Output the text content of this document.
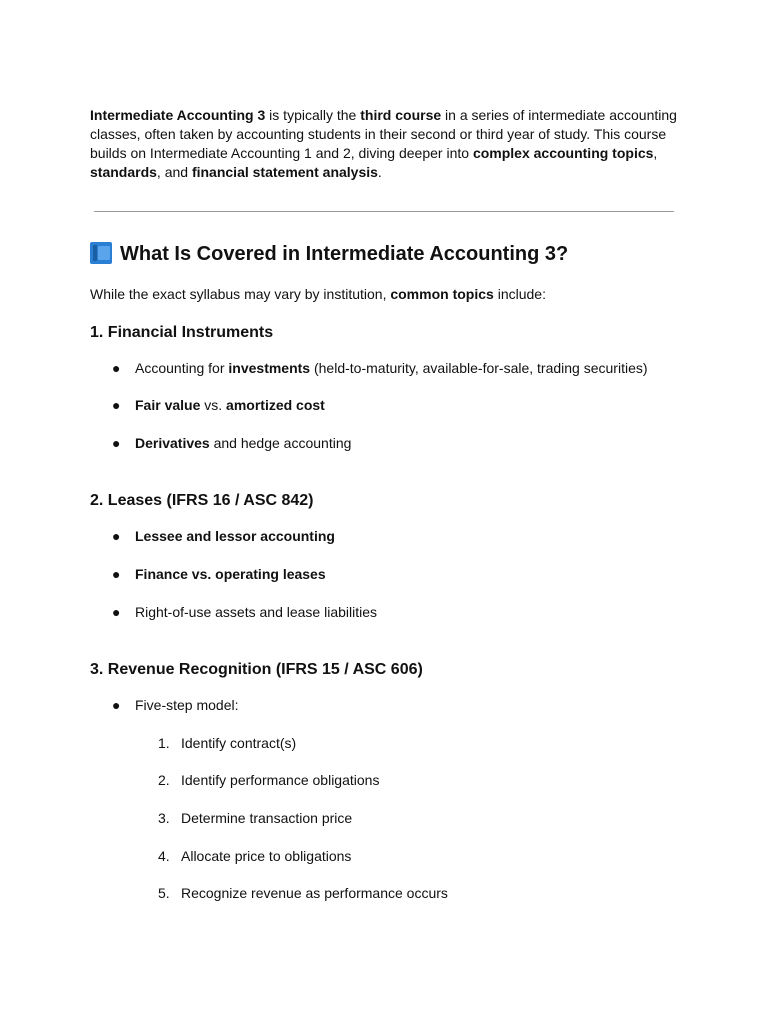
Intermediate Accounting 3 is typically the third course in a series of intermediate accounting classes, often taken by accounting students in their second or third year of study. This course builds on Intermediate Accounting 1 and 2, diving deeper into complex accounting topics, standards, and financial statement analysis.

What Is Covered in Intermediate Accounting 3?

While the exact syllabus may vary by institution, common topics include:

1. Financial Instruments

● Accounting for investments (held-to-maturity, available-for-sale, trading securities)

● Fair value vs. amortized cost

● Derivatives and hedge accounting

2. Leases (IFRS 16 / ASC 842)

● Lessee and lessor accounting

● Finance vs. operating leases

● Right-of-use assets and lease liabilities

3. Revenue Recognition (IFRS 15 / ASC 606)

● Five-step model:

1. Identify contract(s)

2. Identify performance obligations

3. Determine transaction price

4. Allocate price to obligations

5. Recognize revenue as performance occurs
